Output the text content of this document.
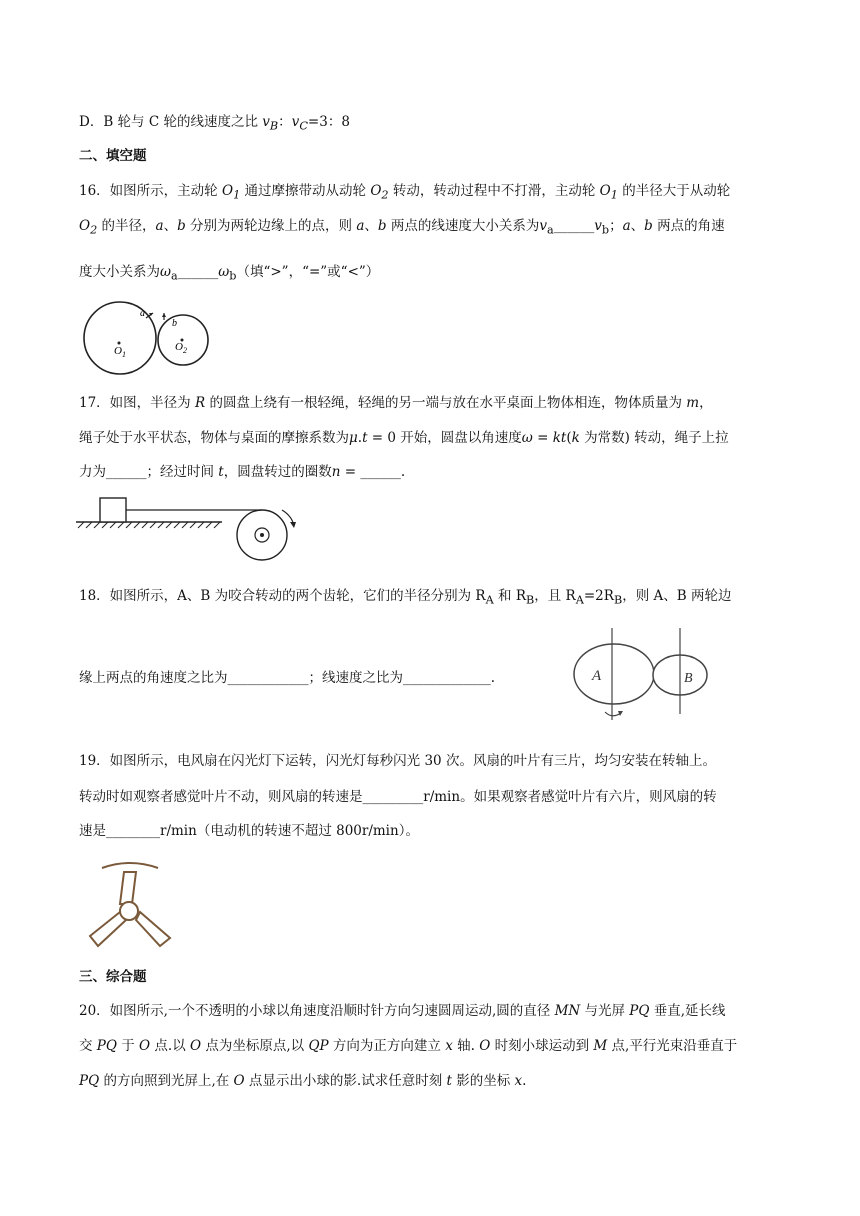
D．B 轮与 C 轮的线速度之比 $v_B$：$v_C=3$：8
二、填空题
16．如图所示，主动轮 $O_1$ 通过摩擦带动从动轮 $O_2$ 转动，转动过程中不打滑，主动轮 $O_1$ 的半径大于从动轮
$O_2$ 的半径，a、b 分别为两轮边缘上的点，则 a、b 两点的线速度大小关系为$v_a\_\_\_\_\_\_v_b$；a、b 两点的角速
度大小关系为$\omega_a\_\_\_\_\_\_\omega_b$（填“>”，“=”或“<”）
$O_1$
$O_2$
a
b
17．如图，半径为 R 的圆盘上绕有一根轻绳，轻绳的另一端与放在水平桌面上物体相连，物体质量为 m，
绳子处于水平状态，物体与桌面的摩擦系数为μ.t = 0 开始，圆盘以角速度ω = kt(k 为常数) 转动，绳子上拉
力为______；经过时间 t，圆盘转过的圈数n = ______.
18．如图所示，A、B 为咬合转动的两个齿轮，它们的半径分别为 $R_A$ 和 $R_B$，且 $R_A=2R_B$，则 A、B 两轮边
缘上两点的角速度之比为____________；线速度之比为_____________.	A	B
19．如图所示，电风扇在闪光灯下运转，闪光灯每秒闪光 30 次。风扇的叶片有三片，均匀安装在转轴上。
转动时如观察者感觉叶片不动，则风扇的转速是_________r/min。如果观察者感觉叶片有六片，则风扇的转
速是________r/min（电动机的转速不超过 800r/min）。
三、综合题
20．如图所示,一个不透明的小球以角速度沿顺时针方向匀速圆周运动,圆的直径 MN 与光屏 PQ 垂直,延长线
交 PQ 于 O 点.以 O 点为坐标原点,以 QP 方向为正方向建立 x 轴. O 时刻小球运动到 M 点,平行光束沿垂直于
PQ 的方向照到光屏上,在 O 点显示出小球的影.试求任意时刻 t 影的坐标 x.
